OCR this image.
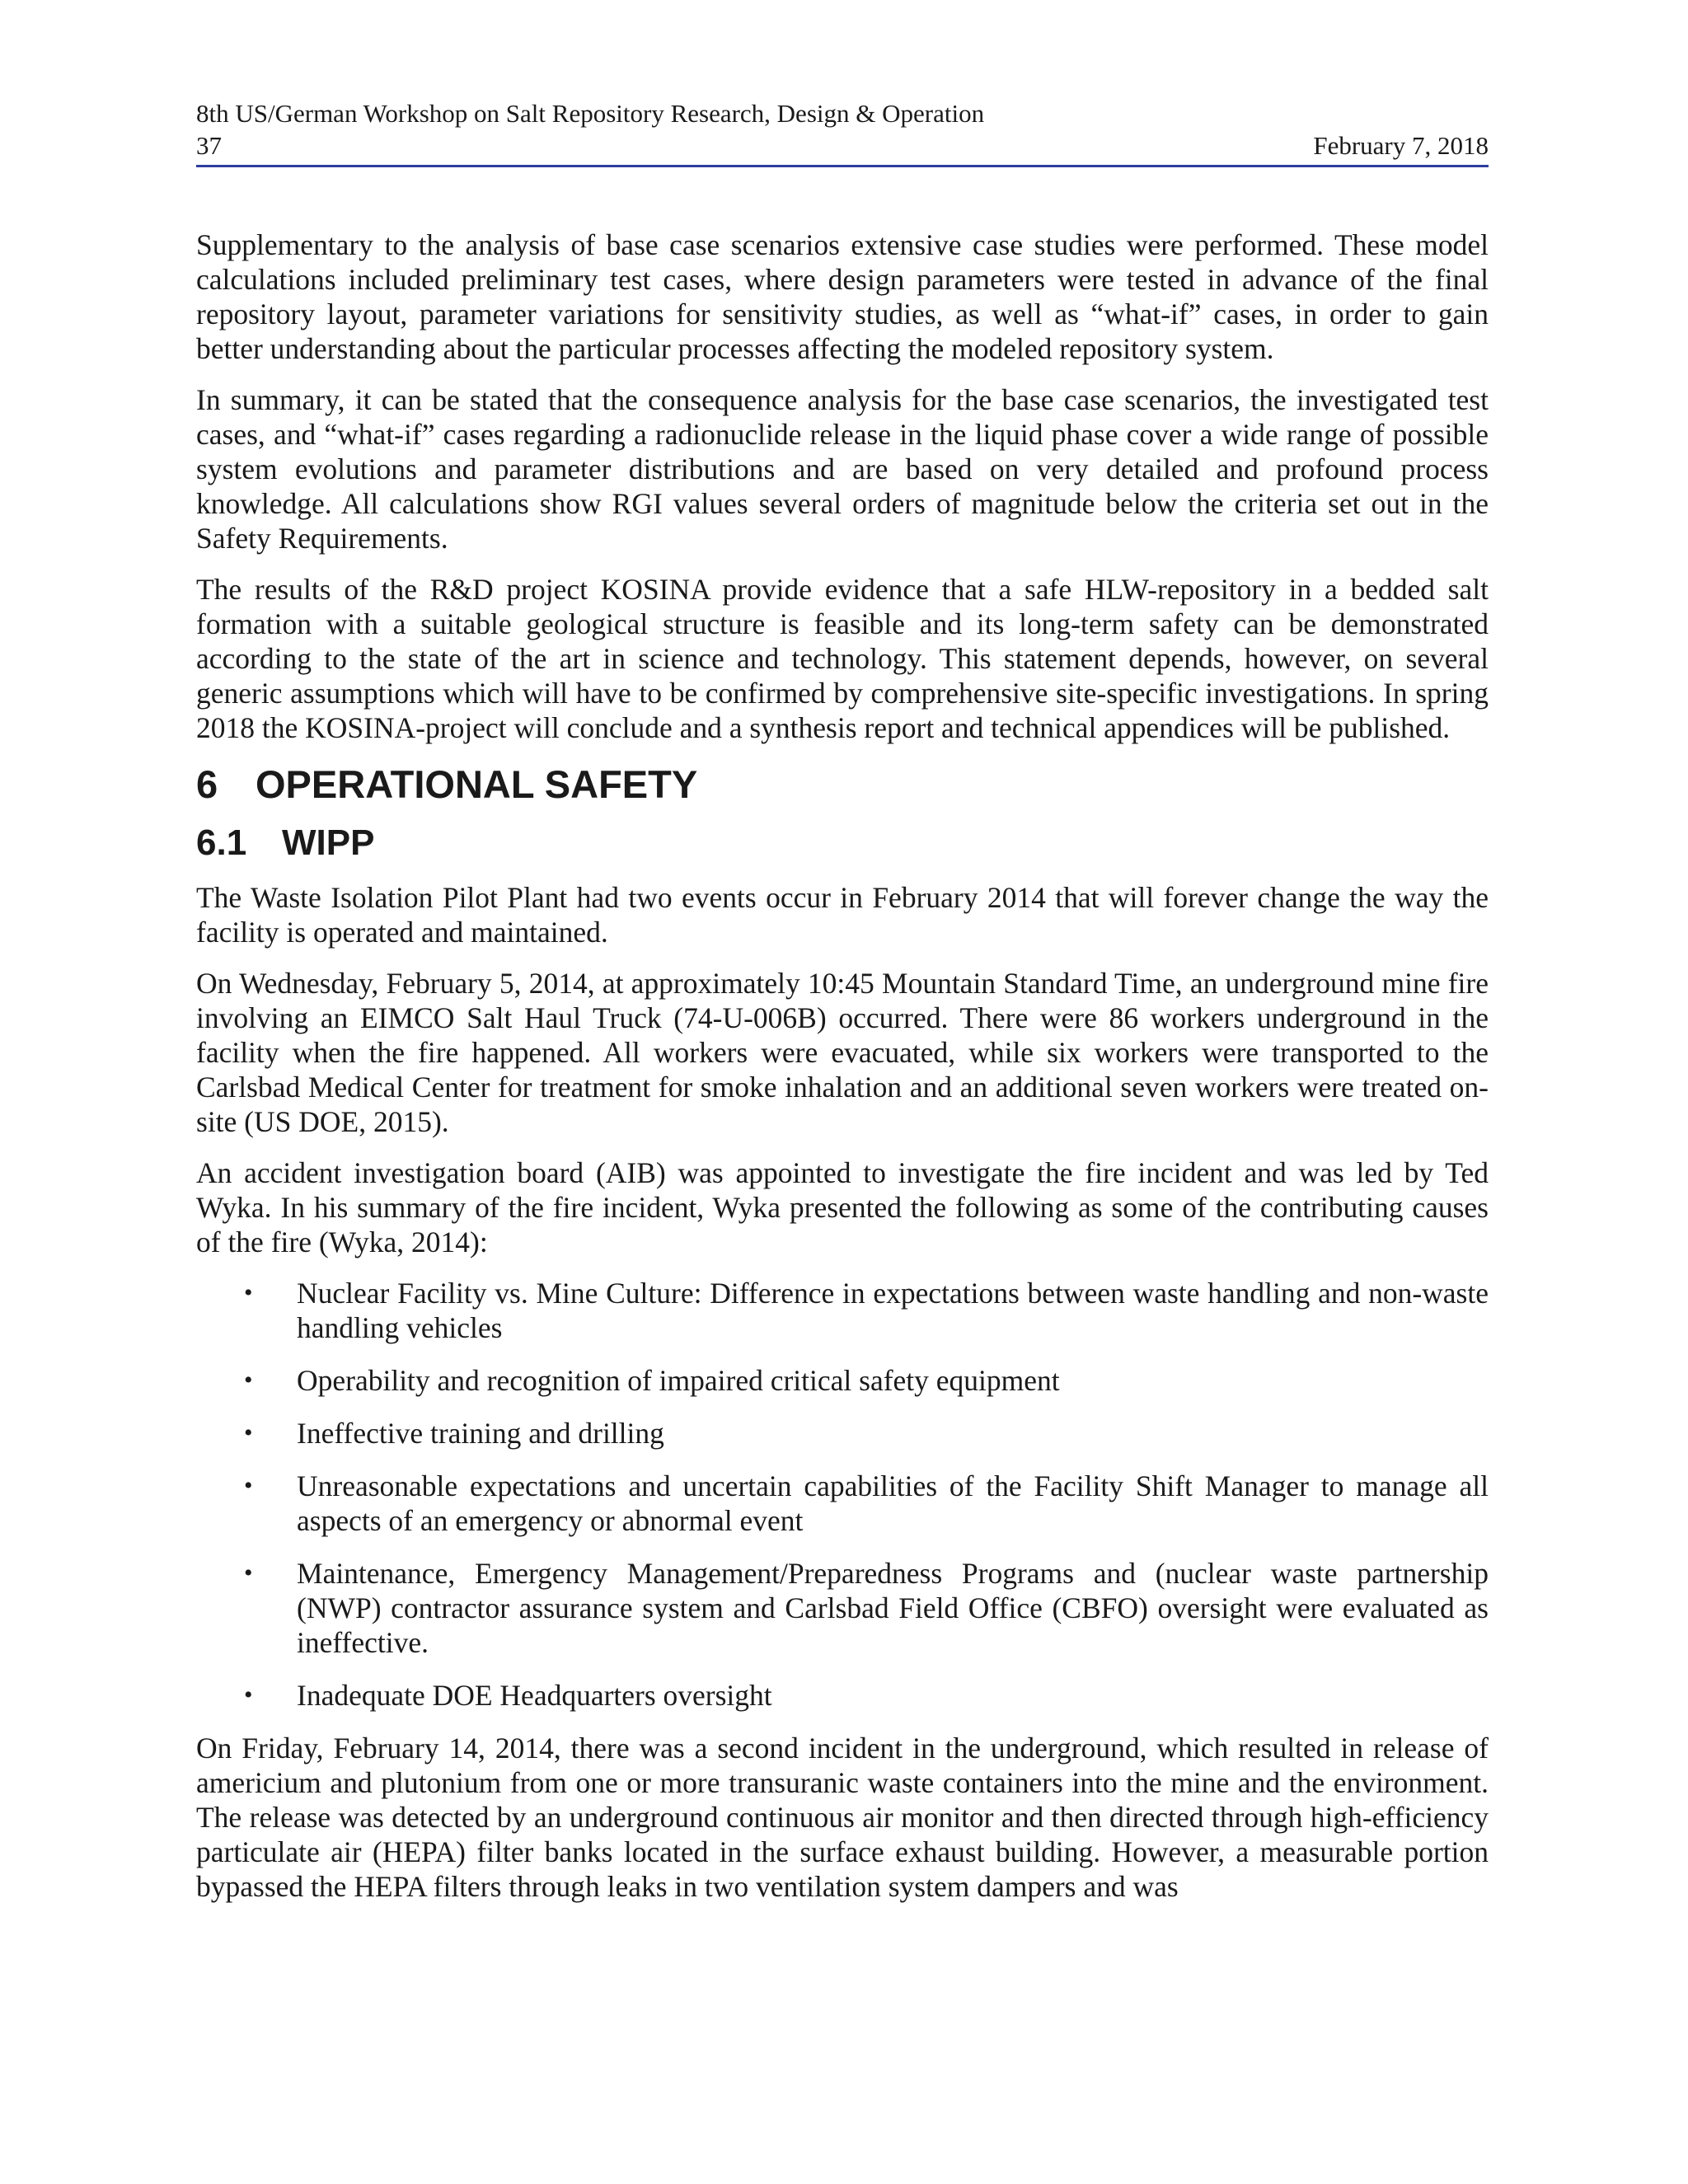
8th US/German Workshop on Salt Repository Research, Design & Operation
37	February 7, 2018

Supplementary to the analysis of base case scenarios extensive case studies were performed. These model calculations included preliminary test cases, where design parameters were tested in advance of the final repository layout, parameter variations for sensitivity studies, as well as “what-if” cases, in order to gain better understanding about the particular processes affecting the modeled repository system.

In summary, it can be stated that the consequence analysis for the base case scenarios, the investigated test cases, and “what-if” cases regarding a radionuclide release in the liquid phase cover a wide range of possible system evolutions and parameter distributions and are based on very detailed and profound process knowledge. All calculations show RGI values several orders of magnitude below the criteria set out in the Safety Requirements.

The results of the R&D project KOSINA provide evidence that a safe HLW-repository in a bedded salt formation with a suitable geological structure is feasible and its long-term safety can be demonstrated according to the state of the art in science and technology. This statement depends, however, on several generic assumptions which will have to be confirmed by comprehensive site-specific investigations. In spring 2018 the KOSINA-project will conclude and a synthesis report and technical appendices will be published.

6 OPERATIONAL SAFETY
6.1 WIPP

The Waste Isolation Pilot Plant had two events occur in February 2014 that will forever change the way the facility is operated and maintained.

On Wednesday, February 5, 2014, at approximately 10:45 Mountain Standard Time, an underground mine fire involving an EIMCO Salt Haul Truck (74-U-006B) occurred. There were 86 workers underground in the facility when the fire happened. All workers were evacuated, while six workers were transported to the Carlsbad Medical Center for treatment for smoke inhalation and an additional seven workers were treated on-site (US DOE, 2015).

An accident investigation board (AIB) was appointed to investigate the fire incident and was led by Ted Wyka. In his summary of the fire incident, Wyka presented the following as some of the contributing causes of the fire (Wyka, 2014):

• Nuclear Facility vs. Mine Culture: Difference in expectations between waste handling and non-waste handling vehicles
• Operability and recognition of impaired critical safety equipment
• Ineffective training and drilling
• Unreasonable expectations and uncertain capabilities of the Facility Shift Manager to manage all aspects of an emergency or abnormal event
• Maintenance, Emergency Management/Preparedness Programs and (nuclear waste partnership (NWP) contractor assurance system and Carlsbad Field Office (CBFO) oversight were evaluated as ineffective.
• Inadequate DOE Headquarters oversight

On Friday, February 14, 2014, there was a second incident in the underground, which resulted in release of americium and plutonium from one or more transuranic waste containers into the mine and the environment. The release was detected by an underground continuous air monitor and then directed through high-efficiency particulate air (HEPA) filter banks located in the surface exhaust building. However, a measurable portion bypassed the HEPA filters through leaks in two ventilation system dampers and was
